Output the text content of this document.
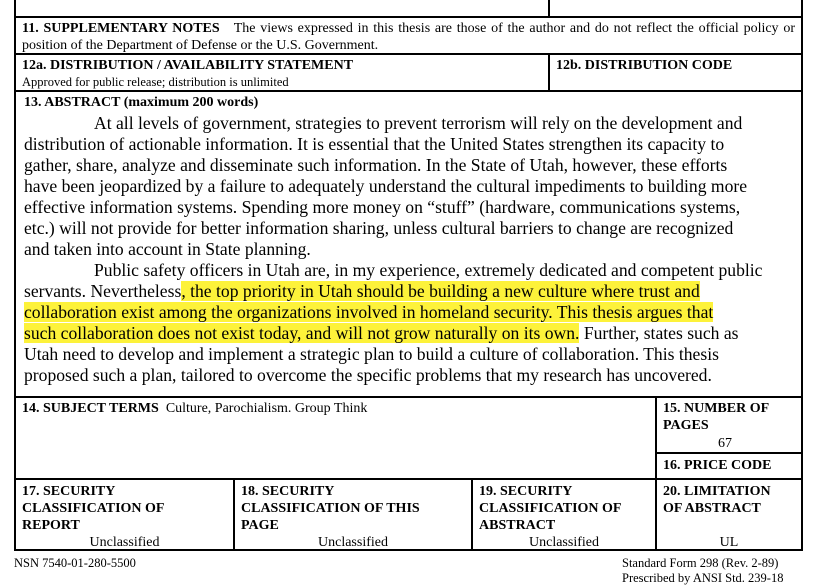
11. SUPPLEMENTARY NOTES The views expressed in this thesis are those of the author and do not reflect the official policy or position of the Department of Defense or the U.S. Government.
12a. DISTRIBUTION / AVAILABILITY STATEMENT
Approved for public release; distribution is unlimited
12b. DISTRIBUTION CODE
13. ABSTRACT (maximum 200 words)

At all levels of government, strategies to prevent terrorism will rely on the development and
distribution of actionable information. It is essential that the United States strengthen its capacity to
gather, share, analyze and disseminate such information. In the State of Utah, however, these efforts
have been jeopardized by a failure to adequately understand the cultural impediments to building more
effective information systems. Spending more money on “stuff” (hardware, communications systems,
etc.) will not provide for better information sharing, unless cultural barriers to change are recognized
and taken into account in State planning.

Public safety officers in Utah are, in my experience, extremely dedicated and competent public
servants. Nevertheless, the top priority in Utah should be building a new culture where trust and
collaboration exist among the organizations involved in homeland security. This thesis argues that
such collaboration does not exist today, and will not grow naturally on its own. Further, states such as
Utah need to develop and implement a strategic plan to build a culture of collaboration. This thesis
proposed such a plan, tailored to overcome the specific problems that my research has uncovered.
14. SUBJECT TERMS Culture, Parochialism. Group Think	15. NUMBER OF
PAGES
67
16. PRICE CODE
17. SECURITY
CLASSIFICATION OF
REPORT
Unclassified
18. SECURITY
CLASSIFICATION OF THIS
PAGE
Unclassified
19. SECURITY
CLASSIFICATION OF
ABSTRACT
Unclassified
20. LIMITATION
OF ABSTRACT
UL
NSN 7540-01-280-5500	Standard Form 298 (Rev. 2-89)
Prescribed by ANSI Std. 239-18
